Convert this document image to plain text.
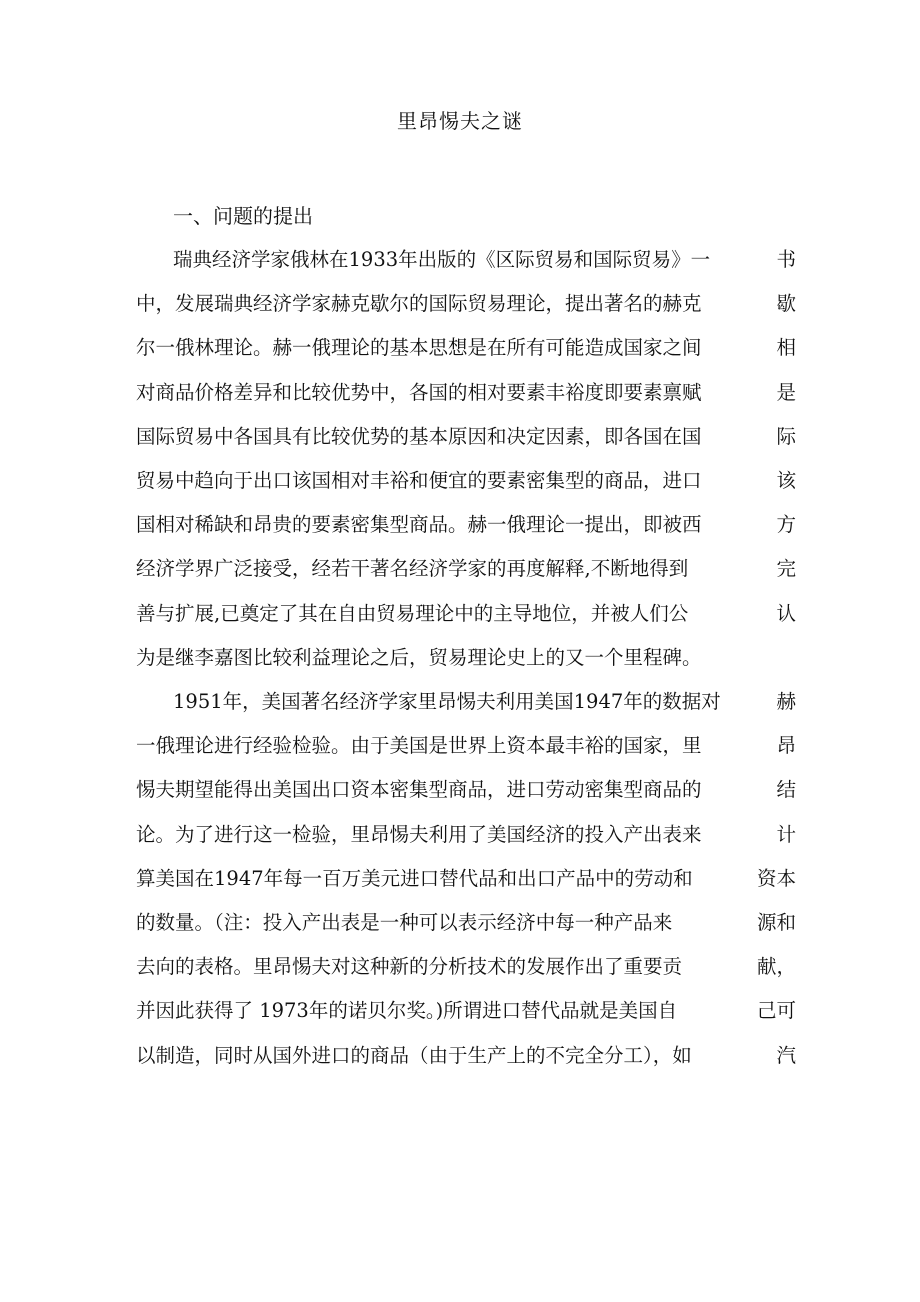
里昂惕夫之谜
一、问题的提出
瑞典经济学家俄林在1933年出版的《区际贸易和国际贸易》一	书
中，发展瑞典经济学家赫克歇尔的国际贸易理论，提出著名的赫克	歇
尔一俄林理论。赫一俄理论的基本思想是在所有可能造成国家之间	相
对商品价格差异和比较优势中，各国的相对要素丰裕度即要素禀赋	是
国际贸易中各国具有比较优势的基本原因和决定因素，即各国在国	际
贸易中趋向于出口该国相对丰裕和便宜的要素密集型的商品，进口	该
国相对稀缺和昂贵的要素密集型商品。赫一俄理论一提出，即被西	方
经济学界广泛接受，经若干著名经济学家的再度解释,不断地得到	完
善与扩展,已奠定了其在自由贸易理论中的主导地位，并被人们公	认
为是继李嘉图比较利益理论之后，贸易理论史上的又一个里程碑。
1951年，美国著名经济学家里昂惕夫利用美国1947年的数据对	赫
一俄理论进行经验检验。由于美国是世界上资本最丰裕的国家，里	昂
惕夫期望能得出美国出口资本密集型商品，进口劳动密集型商品的	结
论。为了进行这一检验，里昂惕夫利用了美国经济的投入产出表来	计
算美国在1947年每一百万美元进口替代品和出口产品中的劳动和	资本
的数量。（注：投入产出表是一种可以表示经济中每一种产品来	源和
去向的表格。里昂惕夫对这种新的分析技术的发展作出了重要贡	献，
并因此获得了 1973年的诺贝尔奖。)所谓进口替代品就是美国自	己可
以制造，同时从国外进口的商品（由于生产上的不完全分工），如	汽
